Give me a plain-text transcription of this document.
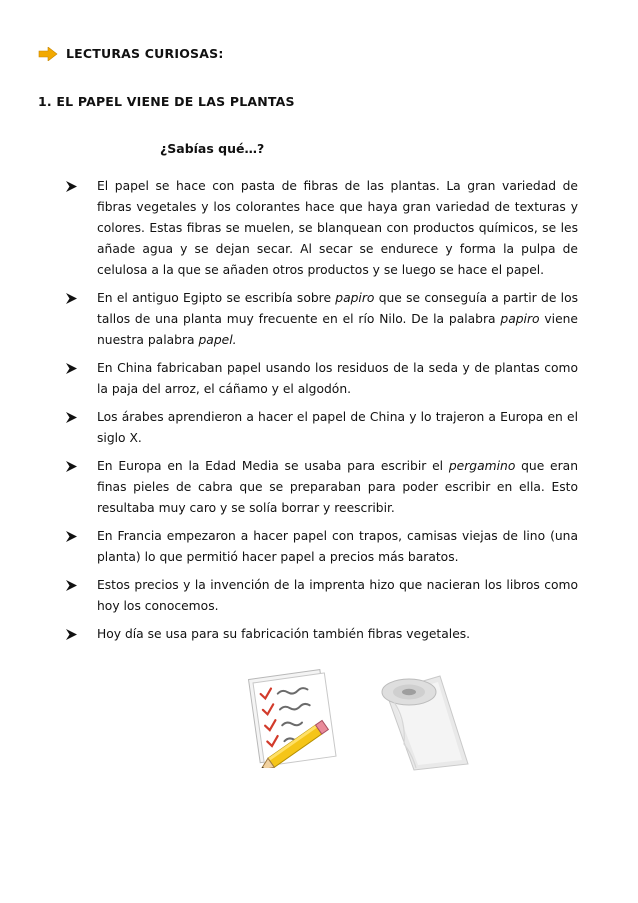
LECTURAS CURIOSAS:
1. EL PAPEL VIENE DE LAS PLANTAS
¿Sabías qué…?
El papel se hace con pasta de fibras de las plantas. La gran variedad de fibras vegetales y los colorantes hace que haya gran variedad de texturas y colores. Estas fibras se muelen, se blanquean con productos químicos, se les añade agua y se dejan secar. Al secar se endurece y forma la pulpa de celulosa a la que se añaden otros productos y se luego se hace el papel.
En el antiguo Egipto se escribía sobre papiro que se conseguía a partir de los tallos de una planta muy frecuente en el río Nilo. De la palabra papiro viene nuestra palabra papel.
En China fabricaban papel usando los residuos de la seda y de plantas como la paja del arroz, el cáñamo y el algodón.
Los árabes aprendieron a hacer el papel de China y lo trajeron a Europa en el siglo X.
En Europa en la Edad Media se usaba para escribir el pergamino que eran finas pieles de cabra que se preparaban para poder escribir en ella. Esto resultaba muy caro y se solía borrar y reescribir.
En Francia empezaron a hacer papel con trapos, camisas viejas de lino (una planta) lo que permitió hacer papel a precios más baratos.
Estos precios y la invención de la imprenta hizo que nacieran los libros como hoy los conocemos.
Hoy día se usa para su fabricación también fibras vegetales.
